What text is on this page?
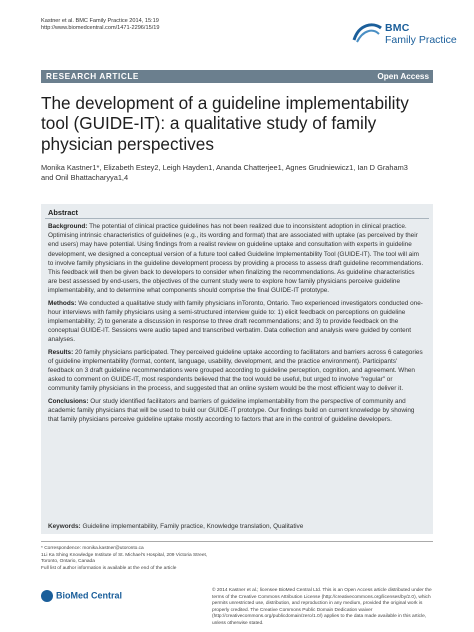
Kastner et al. BMC Family Practice 2014, 15:19
http://www.biomedcentral.com/1471-2296/15/19	BMC
Family Practice
RESEARCH ARTICLE	Open Access
The development of a guideline implementability tool (GUIDE-IT): a qualitative study of family physician perspectives
Monika Kastner1*, Elizabeth Estey2, Leigh Hayden1, Ananda Chatterjee1, Agnes Grudniewicz1, Ian D Graham3
and Onil Bhattacharyya1,4
Abstract

Background: The potential of clinical practice guidelines has not been realized due to inconsistent adoption in clinical practice. Optimising intrinsic characteristics of guidelines (e.g., its wording and format) that are associated with uptake (as perceived by their end users) may have potential. Using findings from a realist review on guideline uptake and consultation with experts in guideline development, we designed a conceptual version of a future tool called Guideline Implementability Tool (GUIDE-IT). The tool will aim to involve family physicians in the guideline development process by providing a process to assess draft guideline recommendations. This feedback will then be given back to developers to consider when finalizing the recommendations. As guideline characteristics are best assessed by end-users, the objectives of the current study were to explore how family physicians perceive guideline implementability, and to determine what components should comprise the final GUIDE-IT prototype.

Methods: We conducted a qualitative study with family physicians inToronto, Ontario. Two experienced investigators conducted one-hour interviews with family physicians using a semi-structured interview guide to: 1) elicit feedback on perceptions on guideline implementability; 2) to generate a discussion in response to three draft recommendations; and 3) to provide feedback on the conceptual GUIDE-IT. Sessions were audio taped and transcribed verbatim. Data collection and analysis were guided by content analyses.

Results: 20 family physicians participated. They perceived guideline uptake according to facilitators and barriers across 6 categories of guideline implementability (format, content, language, usability, development, and the practice environment). Participants' feedback on 3 draft guideline recommendations were grouped according to guideline perception, cognition, and agreement. When asked to comment on GUIDE-IT, most respondents believed that the tool would be useful, but urged to involve "regular" or community family physicians in the process, and suggested that an online system would be the most efficient way to deliver it.

Conclusions: Our study identified facilitators and barriers of guideline implementability from the perspective of community and academic family physicians that will be used to build our GUIDE-IT prototype. Our findings build on current knowledge by showing that family physicians perceive guideline uptake mostly according to factors that are in the control of guideline developers.

Keywords: Guideline implementability, Family practice, Knowledge translation, Qualitative
* Correspondence: monika.kastner@utoronto.ca
1Li Ka Shing Knowledge Institute of St. Michael's Hospital, 209 Victoria Street,
Toronto, Ontario, Canada
Full list of author information is available at the end of the article
BioMed Central	© 2014 Kastner et al.; licensee BioMed Central Ltd. This is an Open Access article distributed under the terms of the Creative Commons Attribution License (http://creativecommons.org/licenses/by/2.0), which permits unrestricted use, distribution, and reproduction in any medium, provided the original work is properly credited. The Creative Commons Public Domain Dedication waiver (http://creativecommons.org/publicdomain/zero/1.0/) applies to the data made available in this article, unless otherwise stated.
